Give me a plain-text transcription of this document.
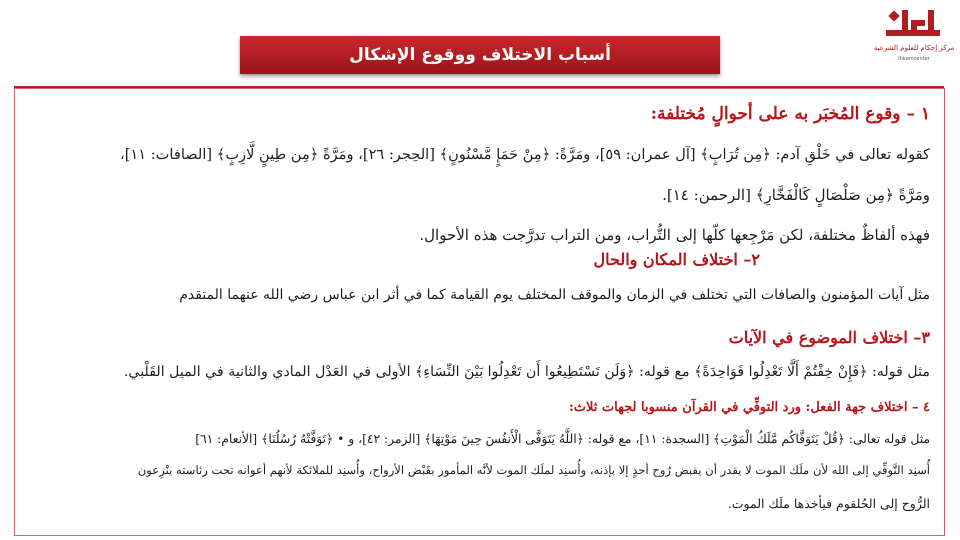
مركز إحكام للعلوم الشرعية
Ihkamcenter
أسباب الاختلاف ووقوع الإشكال
١ – وقوع المُخبَر به على أحوالٍ مُختلفة:
كقوله تعالى في خَلْقِ آدم: ﴿مِن تُرَابٍ﴾ [آل عمران: ٥٩]، ومَرَّةً: ﴿مِنْ حَمَإٍ مَّسْنُونٍ﴾ [الحِجر: ٢٦]، ومَرَّةً ﴿مِن طِينٍ لَّازِبٍ﴾ [الصافات: ١١]،
ومَرَّةً ﴿مِن صَلْصَالٍ كَالْفَخَّارِ﴾ [الرحمن: ١٤].
فهذه ألفاظٌ مختلفة، لكن مَرْجِعها كلّها إلى التُّراب، ومن التراب تدرَّجت هذه الأحوال.
٢– اختلاف المكان والحال
مثل آيات المؤمنون والصافات التي تختلف في الزمان والموقف المختلف يوم القيامة كما في أثر ابن عباس رضي الله عنهما المتقدم
٣– اختلاف الموضوع في الآيات
مثل قوله: ﴿فَإِنْ خِفْتُمْ أَلَّا تَعْدِلُوا فَوَاحِدَةً﴾ مع قوله: ﴿وَلَن تَسْتَطِيعُوا أَن تَعْدِلُوا بَيْنَ النِّسَاءِ﴾ الأولى في العَدْل المادي والثانية في الميل القَلْبي.
٤ – اختلاف جهة الفعل: ورد التوفِّي في القرآن منسوبا لجهات ثلاث:
مثل قوله تعالى: ﴿قُلْ يَتَوَفَّاكُم مَّلَكُ الْمَوْتِ﴾ [السجدة: ١١]، مع قوله: ﴿اللَّهُ يَتَوَفَّى الْأَنفُسَ حِينَ مَوْتِهَا﴾ [الزمر: ٤٢]، و • ﴿تَوَفَّتْهُ رُسُلُنَا﴾ [الأنعام: ٦١]
أُسنِد التَّوفِّي إلى الله لأن ملَك الموت لا يقدر أن يقبض رُوح أحدٍ إلا بإذنه، وأُسنِد لملَك الموت لأنَّه المأمور بقَبْض الأرواح، وأُسنِد للملائكة لأنهم أعوانه تحت رئاسته ينْزِعون
الرُّوح إلى الحُلقوم فيأخذها ملَك الموت.
